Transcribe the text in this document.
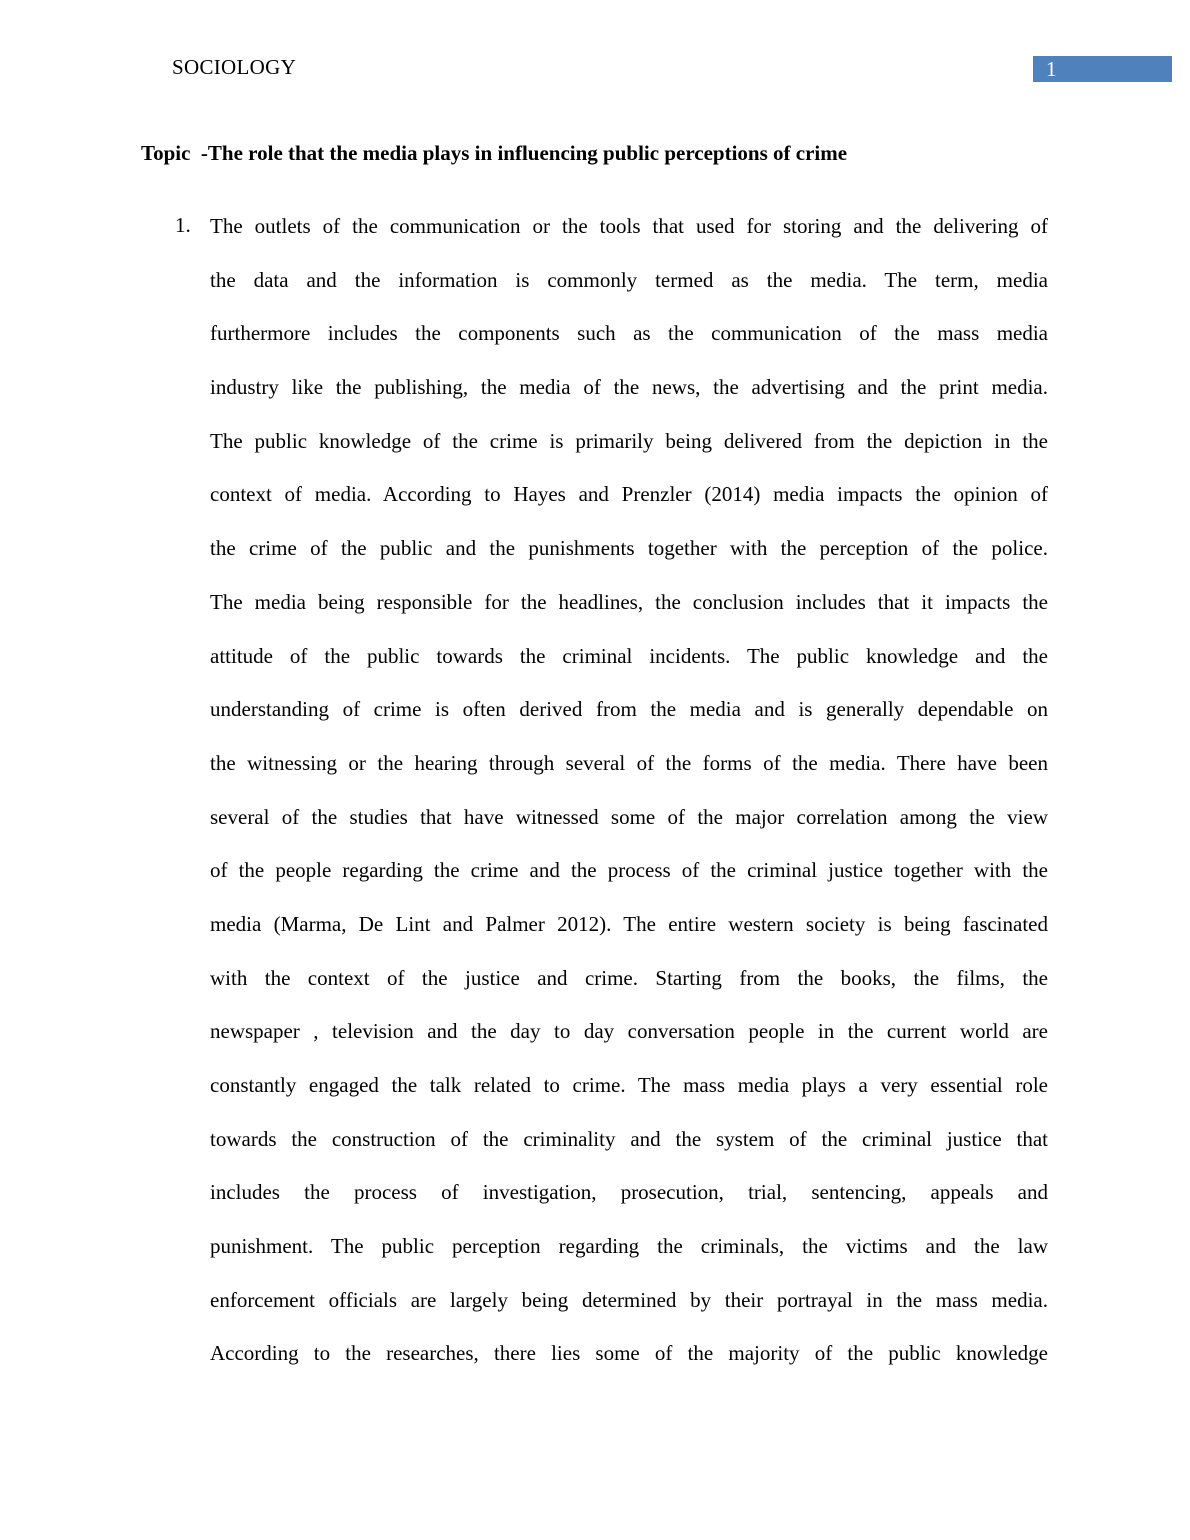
SOCIOLOGY	1
Topic  -The role that the media plays in influencing public perceptions of crime
1. The outlets of the communication or the tools that used for storing and the delivering of
the data and the information is commonly termed as the media. The term, media
furthermore includes the components such as the communication of the mass media
industry like the publishing, the media of the news, the advertising and the print media.
The public knowledge of the crime is primarily being delivered from the depiction in the
context of media. According to Hayes and Prenzler (2014) media impacts the opinion of
the crime of the public and the punishments together with the perception of the police.
The media being responsible for the headlines, the conclusion includes that it impacts the
attitude of the public towards the criminal incidents. The public knowledge and the
understanding of crime is often derived from the media and is generally dependable on
the witnessing or the hearing through several of the forms of the media. There have been
several of the studies that have witnessed some of the major correlation among the view
of the people regarding the crime and the process of the criminal justice together with the
media (Marma, De Lint and Palmer 2012). The entire western society is being fascinated
with the context of the justice and crime. Starting from the books, the films, the
newspaper , television and the day to day conversation people in the current world are
constantly engaged the talk related to crime. The mass media plays a very essential role
towards the construction of the criminality and the system of the criminal justice that
includes the process of investigation, prosecution, trial, sentencing, appeals and
punishment. The public perception regarding the criminals, the victims and the law
enforcement officials are largely being determined by their portrayal in the mass media.
According to the researches, there lies some of the majority of the public knowledge
